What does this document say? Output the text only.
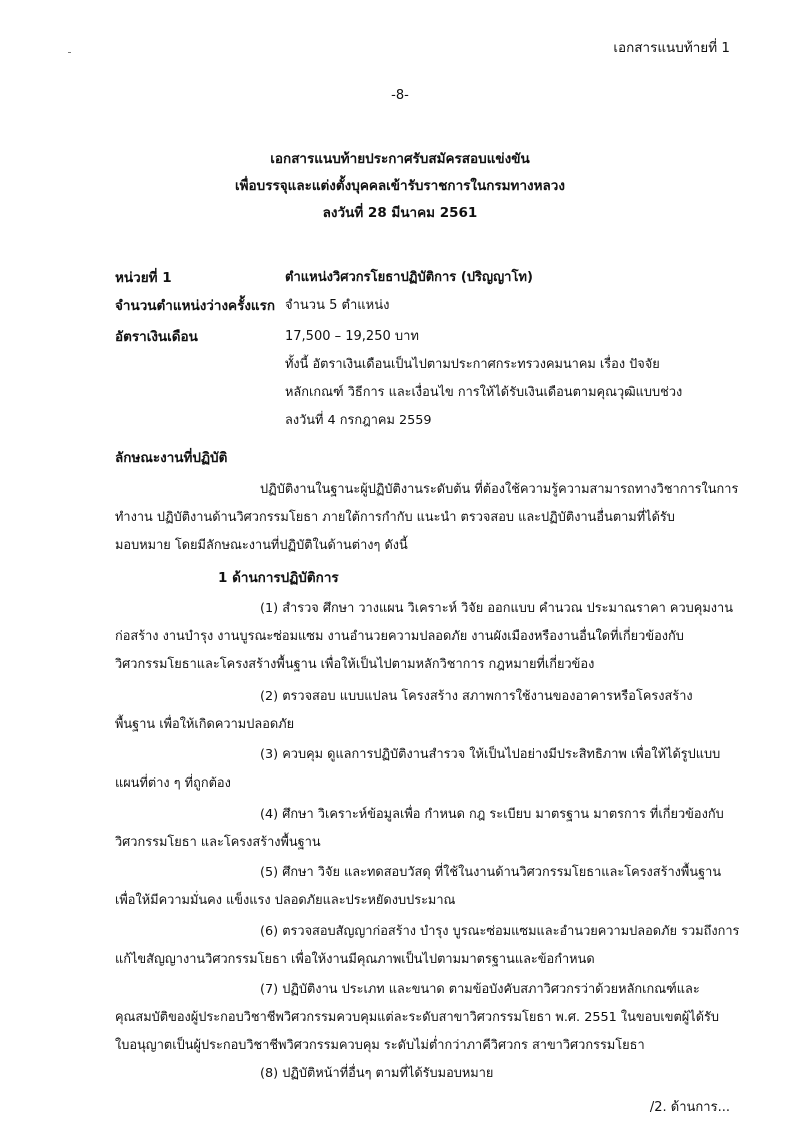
เอกสารแนบท้ายที่ 1
-8-
เอกสารแนบท้ายประกาศรับสมัครสอบแข่งขัน
เพื่อบรรจุและแต่งตั้งบุคคลเข้ารับราชการในกรมทางหลวง
ลงวันที่ 28 มีนาคม 2561
หน่วยที่ 1	ตำแหน่งวิศวกรโยธาปฏิบัติการ (ปริญญาโท)
จำนวนตำแหน่งว่างครั้งแรก จำนวน 5 ตำแหน่ง
อัตราเงินเดือน	17,500 – 19,250 บาท
ทั้งนี้ อัตราเงินเดือนเป็นไปตามประกาศกระทรวงคมนาคม เรื่อง ปัจจัย
หลักเกณฑ์ วิธีการ และเงื่อนไข การให้ได้รับเงินเดือนตามคุณวุฒิแบบช่วง
ลงวันที่ 4 กรกฎาคม 2559
ลักษณะงานที่ปฏิบัติ
ปฏิบัติงานในฐานะผู้ปฏิบัติงานระดับต้น ที่ต้องใช้ความรู้ความสามารถทางวิชาการในการ
ทำงาน ปฏิบัติงานด้านวิศวกรรมโยธา ภายใต้การกำกับ แนะนำ ตรวจสอบ และปฏิบัติงานอื่นตามที่ได้รับ
มอบหมาย โดยมีลักษณะงานที่ปฏิบัติในด้านต่างๆ ดังนี้
1 ด้านการปฏิบัติการ
(1) สำรวจ ศึกษา วางแผน วิเคราะห์ วิจัย ออกแบบ คำนวณ ประมาณราคา ควบคุมงาน
ก่อสร้าง งานบำรุง งานบูรณะซ่อมแซม งานอำนวยความปลอดภัย งานผังเมืองหรืองานอื่นใดที่เกี่ยวข้องกับ
วิศวกรรมโยธาและโครงสร้างพื้นฐาน เพื่อให้เป็นไปตามหลักวิชาการ กฎหมายที่เกี่ยวข้อง
(2) ตรวจสอบ แบบแปลน โครงสร้าง สภาพการใช้งานของอาคารหรือโครงสร้าง
พื้นฐาน เพื่อให้เกิดความปลอดภัย
(3) ควบคุม ดูแลการปฏิบัติงานสำรวจ ให้เป็นไปอย่างมีประสิทธิภาพ เพื่อให้ได้รูปแบบ
แผนที่ต่าง ๆ ที่ถูกต้อง
(4) ศึกษา วิเคราะห์ข้อมูลเพื่อ กำหนด กฎ ระเบียบ มาตรฐาน มาตรการ ที่เกี่ยวข้องกับ
วิศวกรรมโยธา และโครงสร้างพื้นฐาน
(5) ศึกษา วิจัย และทดสอบวัสดุ ที่ใช้ในงานด้านวิศวกรรมโยธาและโครงสร้างพื้นฐาน
เพื่อให้มีความมั่นคง แข็งแรง ปลอดภัยและประหยัดงบประมาณ
(6) ตรวจสอบสัญญาก่อสร้าง บำรุง บูรณะซ่อมแซมและอำนวยความปลอดภัย รวมถึงการ
แก้ไขสัญญางานวิศวกรรมโยธา เพื่อให้งานมีคุณภาพเป็นไปตามมาตรฐานและข้อกำหนด
(7) ปฏิบัติงาน ประเภท และขนาด ตามข้อบังคับสภาวิศวกรว่าด้วยหลักเกณฑ์และ
คุณสมบัติของผู้ประกอบวิชาชีพวิศวกรรมควบคุมแต่ละระดับสาขาวิศวกรรมโยธา พ.ศ. 2551 ในขอบเขตผู้ได้รับ
ใบอนุญาตเป็นผู้ประกอบวิชาชีพวิศวกรรมควบคุม ระดับไม่ต่ำกว่าภาคีวิศวกร สาขาวิศวกรรมโยธา
(8) ปฏิบัติหน้าที่อื่นๆ ตามที่ได้รับมอบหมาย
/2. ด้านการ...
